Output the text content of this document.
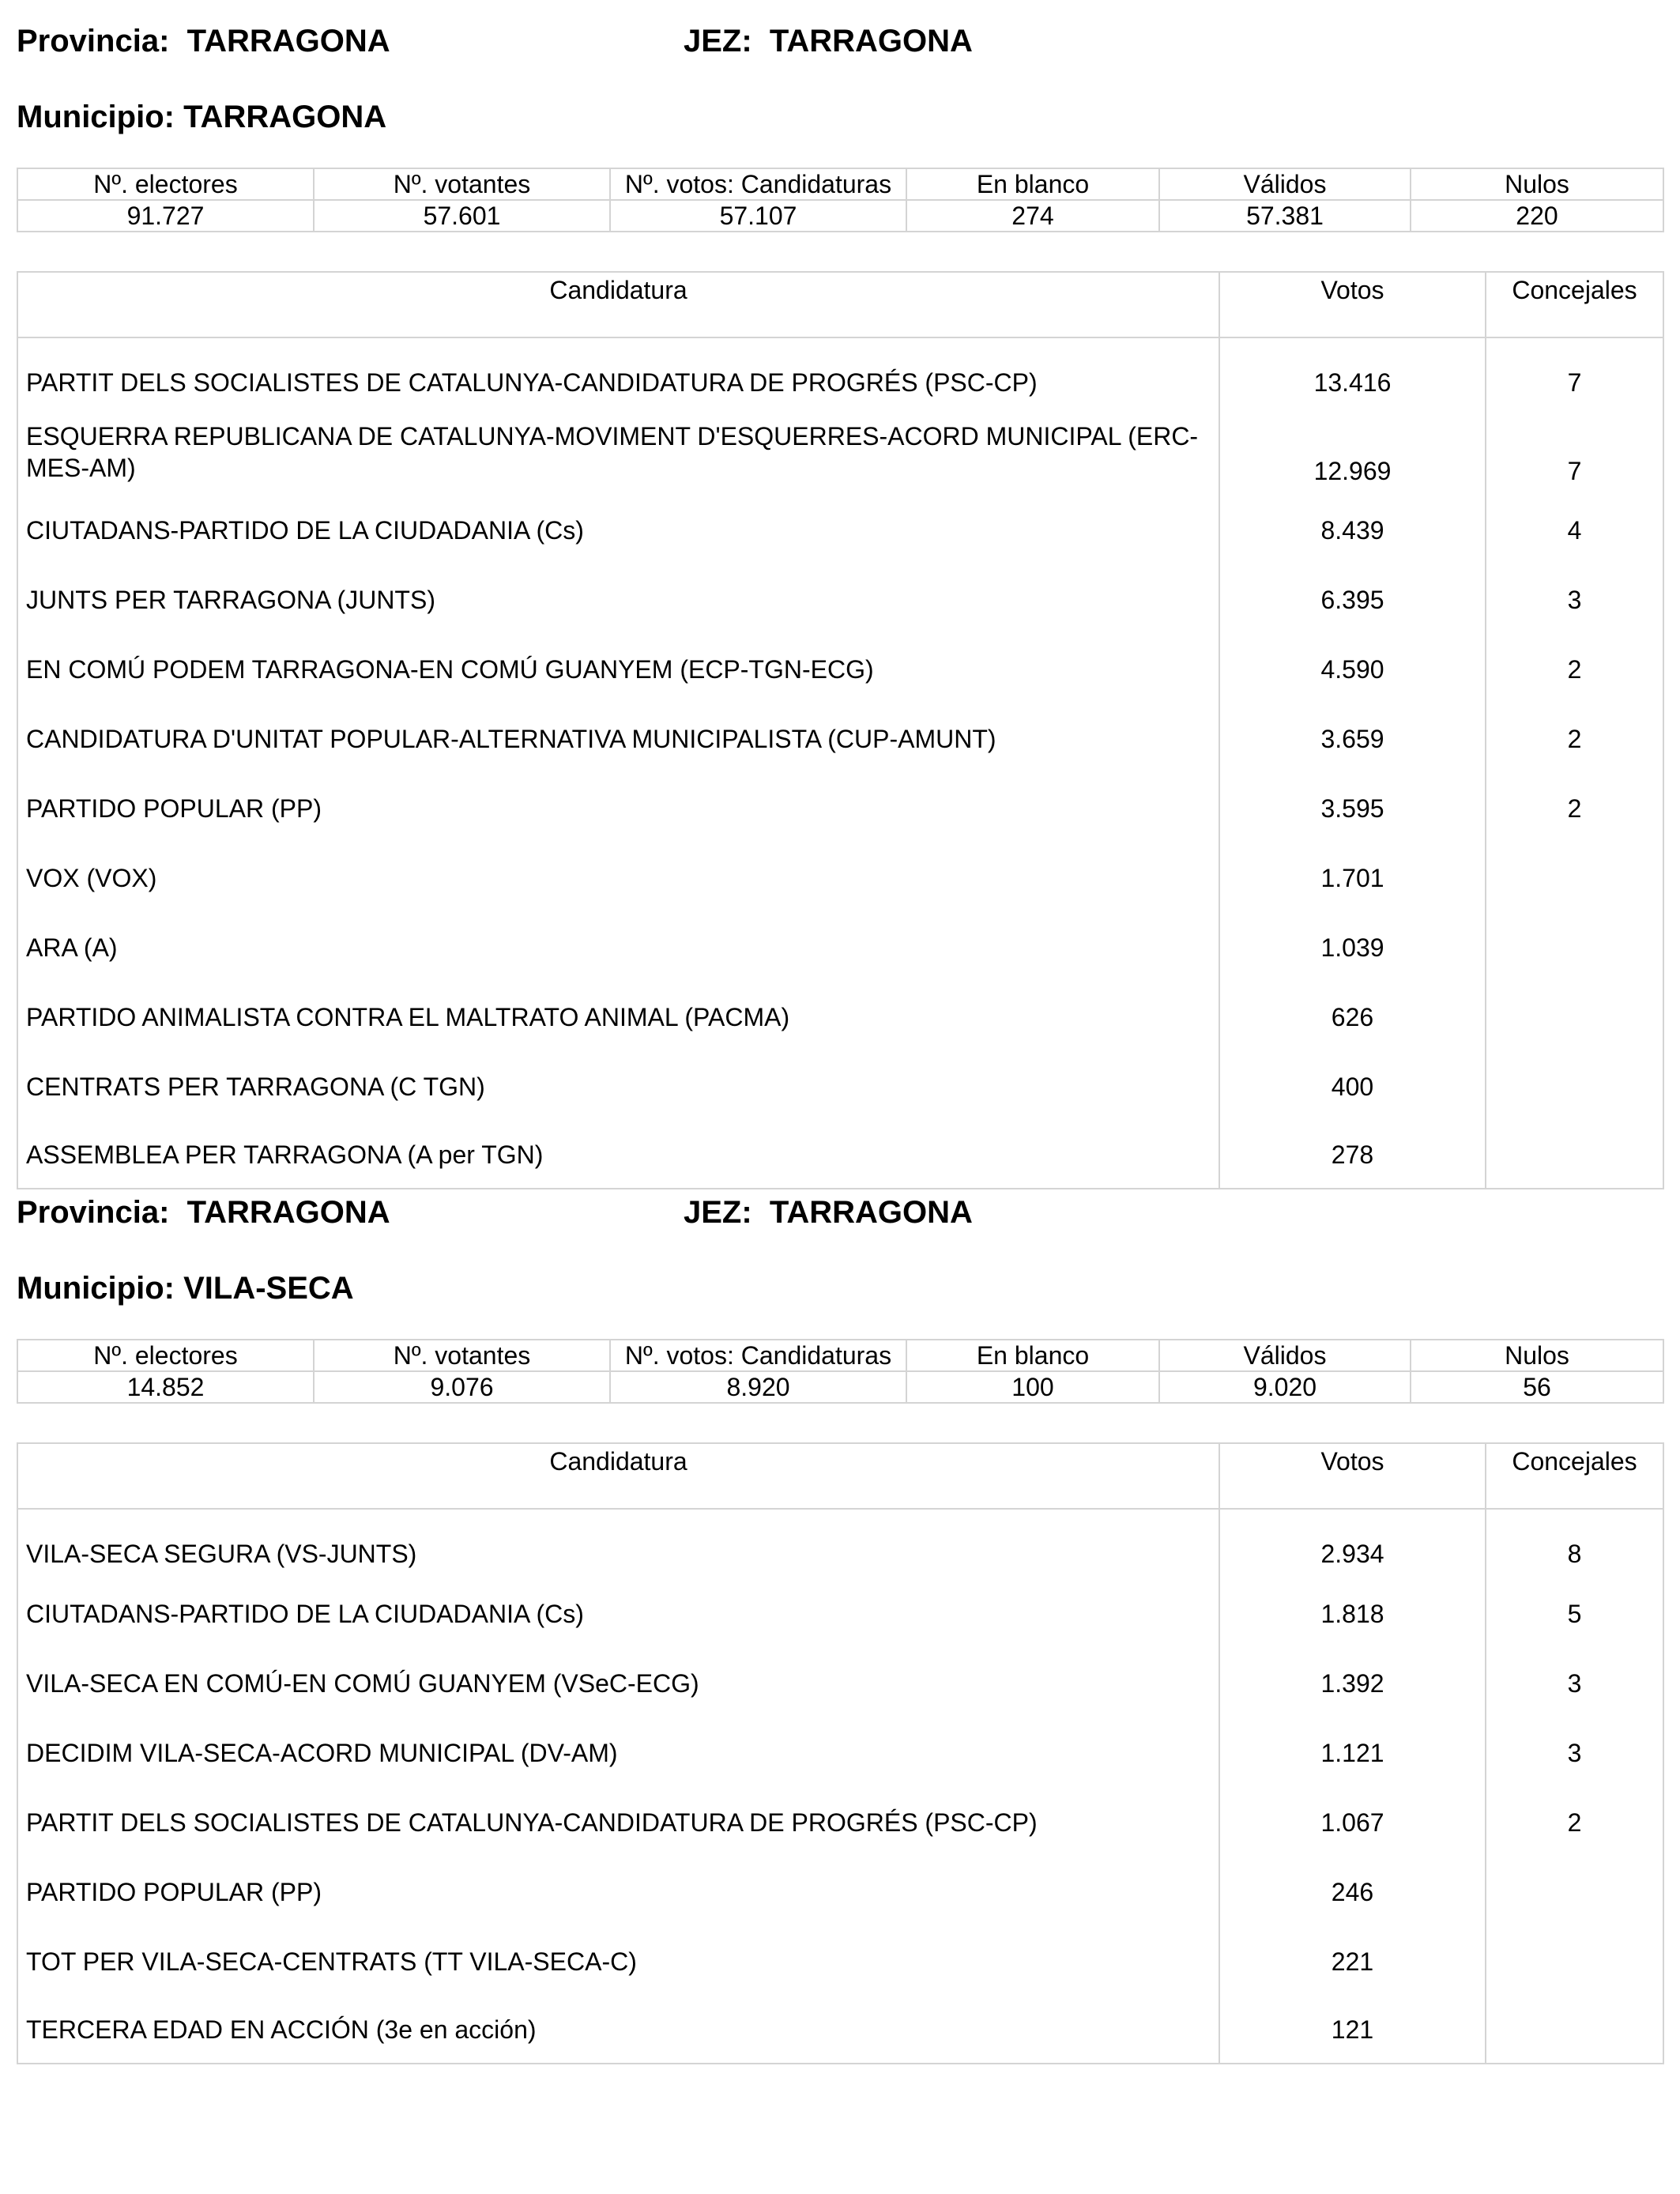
Provincia: TARRAGONA	JEZ: TARRAGONA
Municipio: TARRAGONA
Nº. electores	Nº. votantes	Nº. votos: Candidaturas	En blanco	Válidos	Nulos
91.727	57.601	57.107	274	57.381	220
Candidatura	Votos	Concejales

PARTIT DELS SOCIALISTES DE CATALUNYA-CANDIDATURA DE PROGRÉS (PSC-CP)	13.416	7
ESQUERRA REPUBLICANA DE CATALUNYA-MOVIMENT D'ESQUERRES-ACORD MUNICIPAL (ERC-MES-AM)	12.969	7
CIUTADANS-PARTIDO DE LA CIUDADANIA (Cs)	8.439	4
JUNTS PER TARRAGONA (JUNTS)	6.395	3
EN COMÚ PODEM TARRAGONA-EN COMÚ GUANYEM (ECP-TGN-ECG)	4.590	2
CANDIDATURA D'UNITAT POPULAR-ALTERNATIVA MUNICIPALISTA (CUP-AMUNT)	3.659	2
PARTIDO POPULAR (PP)	3.595	2
VOX (VOX)	1.701	
ARA (A)	1.039	
PARTIDO ANIMALISTA CONTRA EL MALTRATO ANIMAL (PACMA)	626	
CENTRATS PER TARRAGONA (C TGN)	400	
ASSEMBLEA PER TARRAGONA (A per TGN)	278	
Provincia: TARRAGONA	JEZ: TARRAGONA
Municipio: VILA-SECA
Nº. electores	Nº. votantes	Nº. votos: Candidaturas	En blanco	Válidos	Nulos
14.852	9.076	8.920	100	9.020	56
Candidatura	Votos	Concejales

VILA-SECA SEGURA (VS-JUNTS)	2.934	8
CIUTADANS-PARTIDO DE LA CIUDADANIA (Cs)	1.818	5
VILA-SECA EN COMÚ-EN COMÚ GUANYEM (VSeC-ECG)	1.392	3
DECIDIM VILA-SECA-ACORD MUNICIPAL (DV-AM)	1.121	3
PARTIT DELS SOCIALISTES DE CATALUNYA-CANDIDATURA DE PROGRÉS (PSC-CP)	1.067	2
PARTIDO POPULAR (PP)	246	
TOT PER VILA-SECA-CENTRATS (TT VILA-SECA-C)	221	
TERCERA EDAD EN ACCIÓN (3e en acción)	121	
